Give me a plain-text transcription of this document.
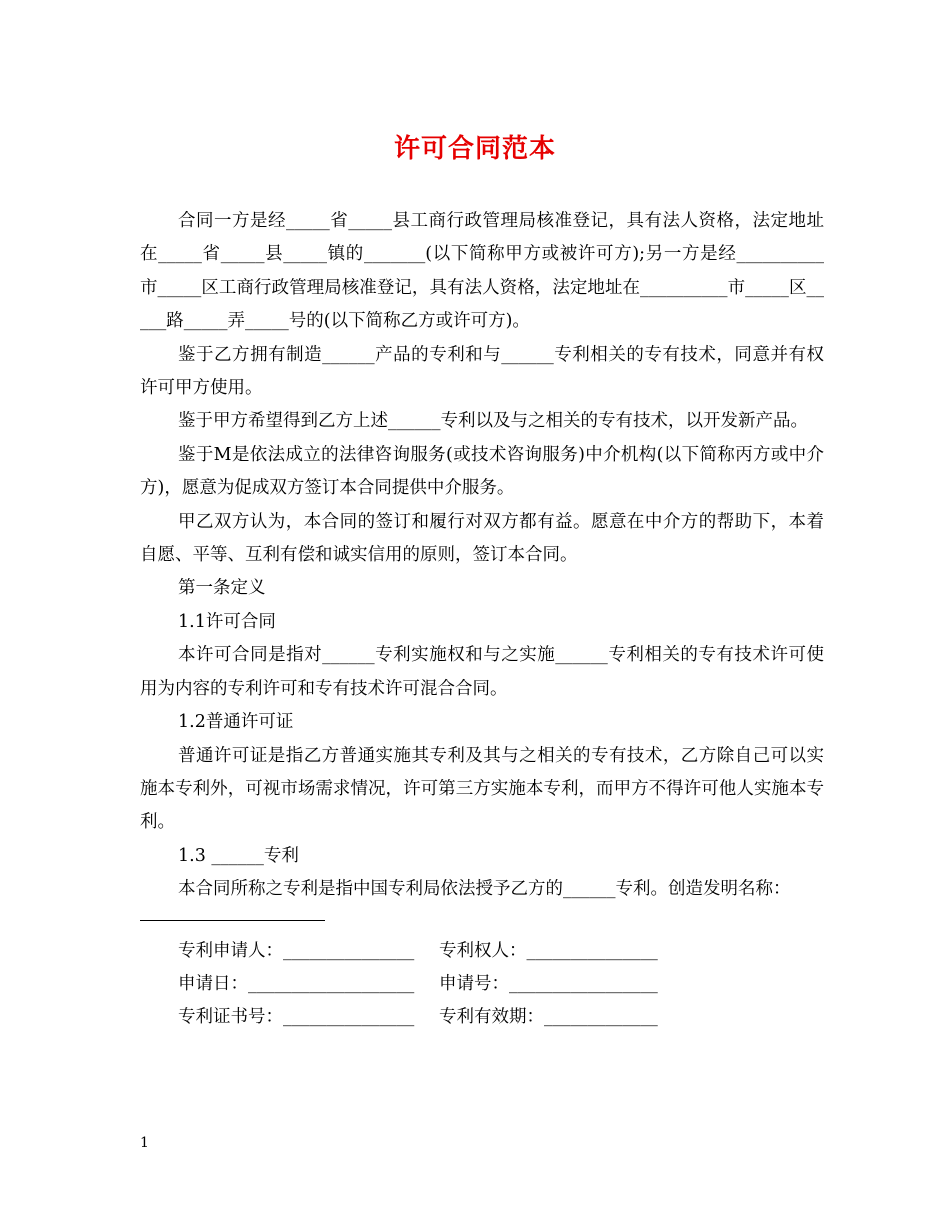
许可合同范本

合同一方是经_____省_____县工商行政管理局核准登记，具有法人资格，法定地址在_____省_____县_____镇的_______(以下简称甲方或被许可方);另一方是经__________市_____区工商行政管理局核准登记，具有法人资格，法定地址在__________市_____区_____路_____弄_____号的(以下简称乙方或许可方)。

鉴于乙方拥有制造______产品的专利和与______专利相关的专有技术，同意并有权许可甲方使用。

鉴于甲方希望得到乙方上述______专利以及与之相关的专有技术，以开发新产品。

鉴于M是依法成立的法律咨询服务(或技术咨询服务)中介机构(以下简称丙方或中介方)，愿意为促成双方签订本合同提供中介服务。

甲乙双方认为，本合同的签订和履行对双方都有益。愿意在中介方的帮助下，本着自愿、平等、互利有偿和诚实信用的原则，签订本合同。

第一条定义

1.1许可合同

本许可合同是指对______专利实施权和与之实施______专利相关的专有技术许可使用为内容的专利许可和专有技术许可混合合同。

1.2普通许可证

普通许可证是指乙方普通实施其专利及其与之相关的专有技术，乙方除自己可以实施本专利外，可视市场需求情况，许可第三方实施本专利，而甲方不得许可他人实施本专利。

1.3 ______专利

本合同所称之专利是指中国专利局依法授予乙方的______专利。创造发明名称：

专利申请人：_______________ 专利权人：_______________

申请日：___________________ 申请号：_________________

专利证书号：_______________ 专利有效期：_____________

1
